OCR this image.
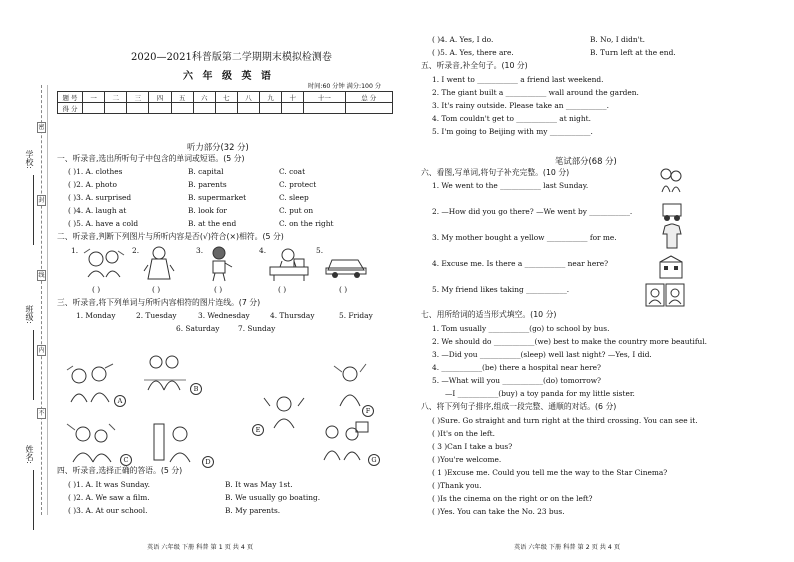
学校:
班级:
姓名:
密
封
线
内
不
2020—2021科普版第二学期期末模拟检测卷
六 年 级 英 语
时间:60 分钟 满分:100 分
题 号	一	二	三	四	五	六	七	八	九	十	十一	总 分
得 分												
听力部分(32 分)
一、听录音,选出所听句子中包含的单词或短语。(5 分)
( )1. A. clothes	B. capital	C. coat
( )2. A. photo	B. parents	C. protect
( )3. A. surprised	B. supermarket	C. sleep
( )4. A. laugh at	B. look for	C. put on
( )5. A. have a cold	B. at the end	C. on the right
二、听录音,判断下列图片与所听内容是否(√)符合(×)相符。(5 分)
1.	2.	3.	4.	5.
( )	( )	( )	( )	( )
三、听录音,将下列单词与所听内容相符的图片连线。(7 分)
1. Monday	2. Tuesday	3. Wednesday	4. Thursday	5. Friday
6. Saturday	7. Sunday
A
B
C	D
E
F
G
四、听录音,选择正确的答语。(5 分)
( )1. A. It was Sunday.	B. It was May 1st.
( )2. A. We saw a film.	B. We usually go boating.
( )3. A. At our school.	B. My parents.
英语 六年级 下册 科普 第 1 页 共 4 页
( )4. A. Yes, I do.	B. No, I didn't.
( )5. A. Yes, there are.	B. Turn left at the end.
五、听录音,补全句子。(10 分)
1. I went to ___________ a friend last weekend.
2. The giant built a ___________ wall around the garden.
3. It's rainy outside. Please take an ___________.
4. Tom couldn't get to ___________ at night.
5. I'm going to Beijing with my ___________.
笔试部分(68 分)
六、看图,写单词,将句子补充完整。(10 分)
1. We went to the ___________ last Sunday.
2. —How did you go there? —We went by ___________.
3. My mother bought a yellow ___________ for me.
4. Excuse me. Is there a ___________ near here?
5. My friend likes taking ___________.
七、用所给词的适当形式填空。(10 分)
1. Tom usually ___________(go) to school by bus.
2. We should do ___________(we) best to make the country more beautiful.
3. —Did you ___________(sleep) well last night? —Yes, I did.
4. ___________(be) there a hospital near here?
5. —What will you ___________(do) tomorrow?
—I ___________(buy) a toy panda for my little sister.
八、将下列句子排序,组成一段完整、通顺的对话。(6 分)
( )Sure. Go straight and turn right at the third crossing. You can see it.
( )It's on the left.
( 3 )Can I take a bus?
( )You're welcome.
( 1 )Excuse me. Could you tell me the way to the Star Cinema?
( )Thank you.
( )Is the cinema on the right or on the left?
( )Yes. You can take the No. 23 bus.
英语 六年级 下册 科普 第 2 页 共 4 页
